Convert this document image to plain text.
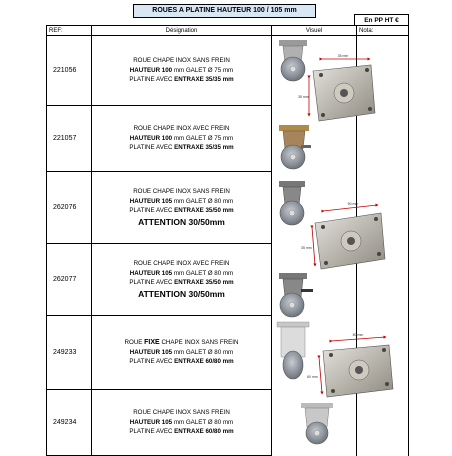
ROUES A PLATINE HAUTEUR 100 / 105 mm
En PP HT €
REF:	Désignation	Visuel	Nota:
221056	ROUE CHAPE INOX SANS FREIN
HAUTEUR 100 mm GALET Ø 75 mm
PLATINE AVEC ENTRAXE 35/35 mm		

221057	ROUE CHAPE INOX AVEC FREIN
HAUTEUR 100 mm GALET Ø 75 mm
PLATINE AVEC ENTRAXE 35/35 mm		

262076	ROUE CHAPE INOX SANS FREIN
HAUTEUR 105 mm GALET Ø 80 mm
PLATINE AVEC ENTRAXE 35/50 mm
ATTENTION 30/50mm		

262077	ROUE CHAPE INOX AVEC FREIN
HAUTEUR 105 mm GALET Ø 80 mm
PLATINE AVEC ENTRAXE 35/50 mm
ATTENTION 30/50mm		

249233	ROUE FIXE CHAPE INOX SANS FREIN
HAUTEUR 105 mm GALET Ø 80 mm
PLATINE AVEC ENTRAXE 60/80 mm		

249234	ROUE CHAPE INOX SANS FREIN
HAUTEUR 105 mm GALET Ø 80 mm
PLATINE AVEC ENTRAXE 60/80 mm		

35 mm
35 mm
50 mm
35 mm
80 mm
60 mm
